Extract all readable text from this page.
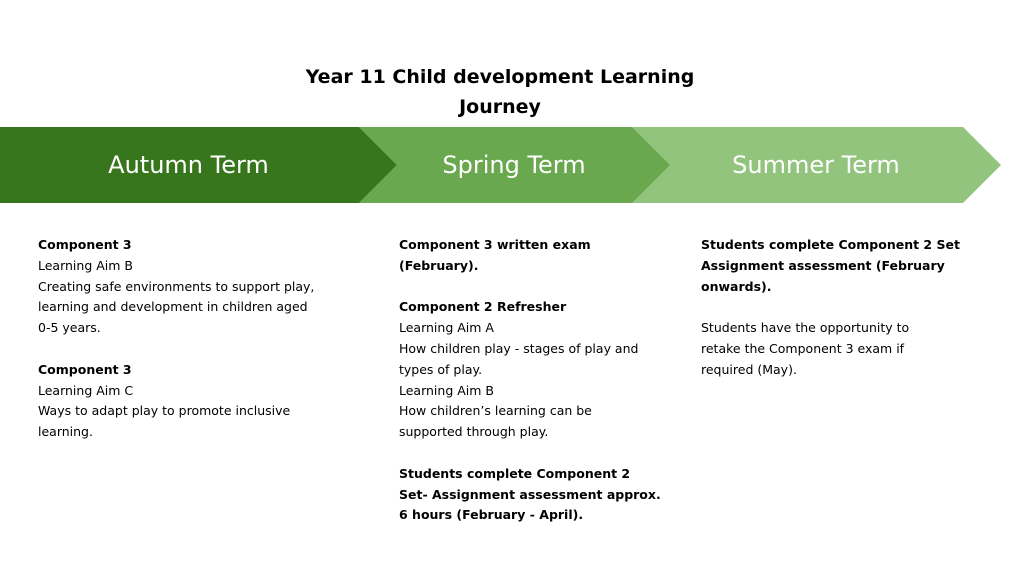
Year 11 Child development Learning
Journey
Autumn Term	Spring Term	Summer Term

Component 3
Learning Aim B
Creating safe environments to support play,
learning and development in children aged
0-5 years.

Component 3
Learning Aim C
Ways to adapt play to promote inclusive
learning.

Component 3 written exam
(February).

Component 2 Refresher
Learning Aim A
How children play - stages of play and
types of play.
Learning Aim B
How children’s learning can be
supported through play.

Students complete Component 2
Set- Assignment assessment approx.
6 hours (February - April).

Students complete Component 2 Set
Assignment assessment (February
onwards).

Students have the opportunity to
retake the Component 3 exam if
required (May).
